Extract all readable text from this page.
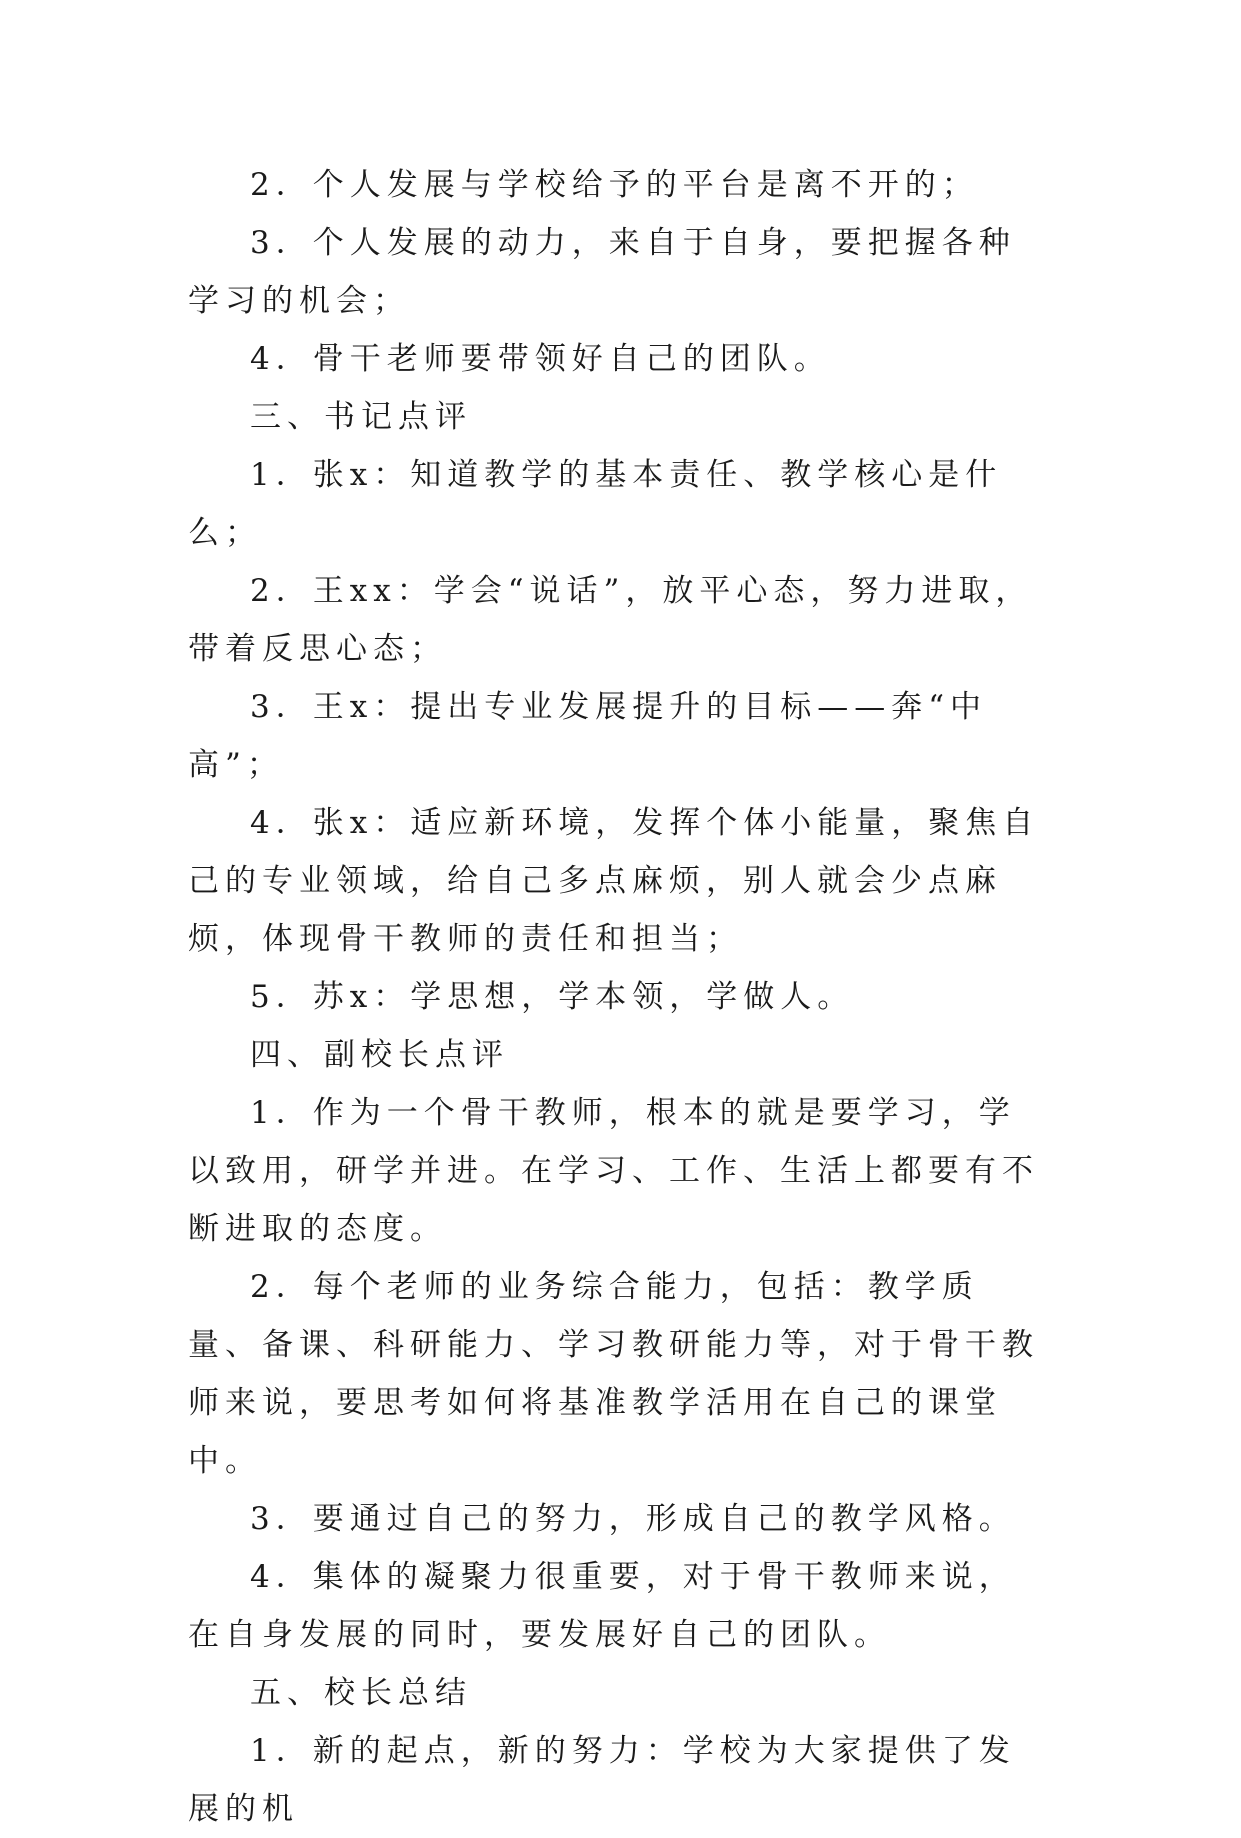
2．个人发展与学校给予的平台是离不开的；

3．个人发展的动力，来自于自身，要把握各种学习的机会；

4．骨干老师要带领好自己的团队。

三、书记点评

1．张x：知道教学的基本责任、教学核心是什么；

2．王xx：学会“说话”，放平心态，努力进取，带着反思心态；

3．王x：提出专业发展提升的目标——奔“中高”；

4．张x：适应新环境，发挥个体小能量，聚焦自己的专业领域，给自己多点麻烦，别人就会少点麻烦，体现骨干教师的责任和担当；

5．苏x：学思想，学本领，学做人。

四、副校长点评

1．作为一个骨干教师，根本的就是要学习，学以致用，研学并进。在学习、工作、生活上都要有不断进取的态度。

2．每个老师的业务综合能力，包括：教学质量、备课、科研能力、学习教研能力等，对于骨干教师来说，要思考如何将基准教学活用在自己的课堂中。

3．要通过自己的努力，形成自己的教学风格。

4．集体的凝聚力很重要，对于骨干教师来说，在自身发展的同时，要发展好自己的团队。

五、校长总结

1．新的起点，新的努力：学校为大家提供了发展的机
